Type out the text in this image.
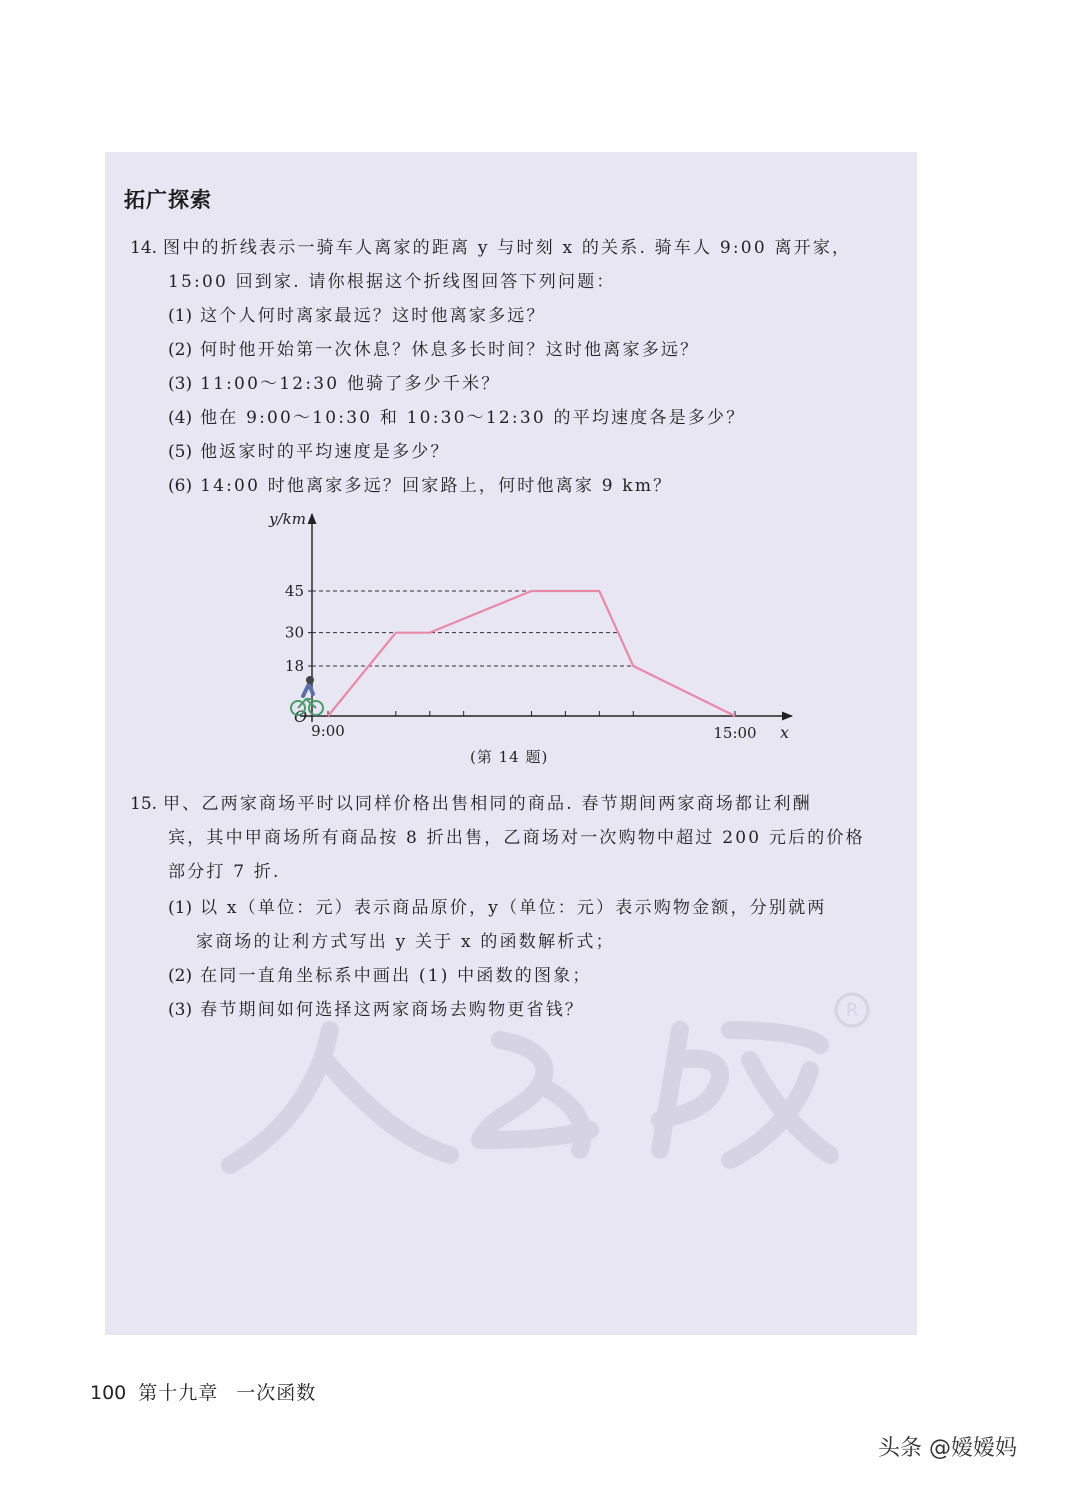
拓广探索
14. 图中的折线表示一骑车人离家的距离 y 与时刻 x 的关系. 骑车人 9:00 离开家，
15:00 回到家. 请你根据这个折线图回答下列问题：
(1) 这个人何时离家最远？这时他离家多远？
(2) 何时他开始第一次休息？休息多长时间？这时他离家多远？
(3) 11:00～12:30 他骑了多少千米？
(4) 他在 9:00～10:30 和 10:30～12:30 的平均速度各是多少？
(5) 他返家时的平均速度是多少？
(6) 14:00 时他离家多远？回家路上，何时他离家 9 km？
18
30
45
y/km
x
O
9:00	15:00
(第 14 题)
15. 甲、乙两家商场平时以同样价格出售相同的商品. 春节期间两家商场都让利酬
宾，其中甲商场所有商品按 8 折出售，乙商场对一次购物中超过 200 元后的价格
部分打 7 折.
(1) 以 x（单位：元）表示商品原价，y（单位：元）表示购物金额，分别就两
家商场的让利方式写出 y 关于 x 的函数解析式；
(2) 在同一直角坐标系中画出 (1) 中函数的图象；
(3) 春节期间如何选择这两家商场去购物更省钱？	R
100 第十九章 一次函数
头条 @嫒嫒妈
